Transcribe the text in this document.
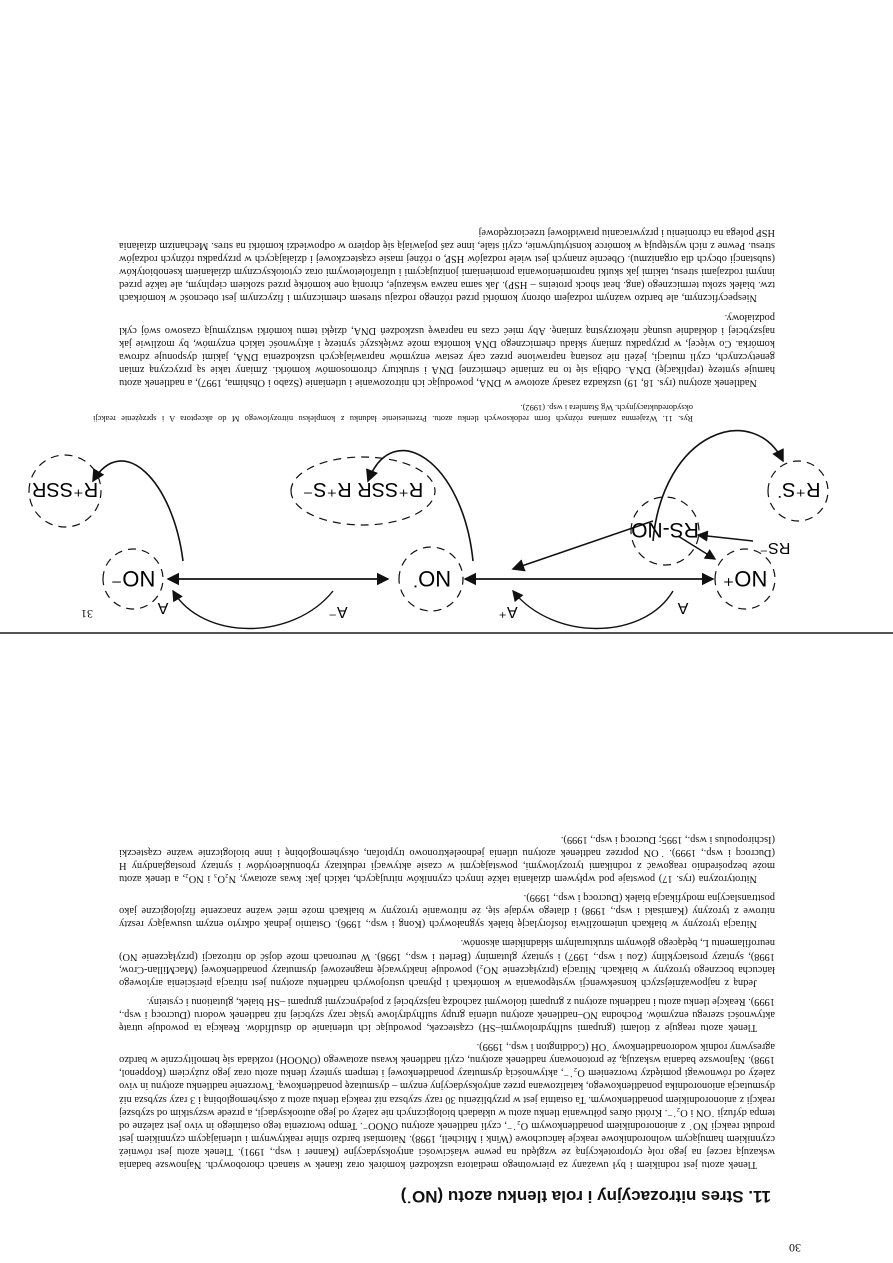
30
11. Stres nitrozacyjny i rola tlenku azotu (NO˙)

Tlenek azotu jest rodnikiem i był uważany za pierwotnego mediatora uszkodzeń komórek oraz tkanek w stanach chorobowych. Najnowsze badania wskazują raczej na jego rolę cytoprotekcyjną ze względu na pewne właściwości antyoksydacyjne (Kanner i wsp., 1991). Tlenek azotu jest również czynnikiem hamującym wolnorodnikowe reakcje łańcuchowe (Wink i Mitchell, 1998). Natomiast bardzo silnie reaktywnym i utleniającym czynnikiem jest produkt reakcji NO˙ z anionorodnikiem ponadtlenkowym O₂˙⁻, czyli nadtlenek azotynu ONOO⁻. Tempo tworzenia tego ostatniego in vivo jest zależne od tempa dyfuzji ˙ON i O₂˙⁻. Krótki okres półtrwania tlenku azotu w układach biologicznych nie zależy od jego autooksydacji, a przede wszystkim od szybszej reakcji z anionorodnikiem ponadtlenkowym. Ta ostatnia jest w przybliżeniu 30 razy szybsza niż reakcja tlenku azotu z oksyhemoglobiną i 3 razy szybsza niż dysmutacja anionorodnika ponadtlenkowego, katalizowana przez antyoksydacyjny enzym – dysmutazę ponadtlenkową. Tworzenie nadtlenku azotynu in vivo zależy od równowagi pomiędzy tworzeniem O₂˙⁻, aktywnością dysmutazy ponadtlenkowej i tempem syntezy tlenku azotu oraz jego zużyciem (Koppenol, 1998). Najnowsze badania wskazują, że protonowany nadtlenek azotynu, czyli nadtlenek kwasu azotawego (ONOOH) rozkłada się hemolitycznie w bardzo agresywny rodnik wodoronadtlenkowy ˙OH (Coddington i wsp., 1999).

Tlenek azotu reaguje z tiolami (grupami sulfhydrolowymi–SH) cząsteczek, powodując ich utlenianie do disulfidów. Reakcja ta powoduje utratę aktywności szeregu enzymów. Pochodna NO–nadtlenek azotynu utlenia grupy sulfhydrylowe tysiąc razy szybciej niż nadtlenek wodoru (Ducrocq i wsp., 1999). Reakcje tlenku azotu i nadtlenku azotynu z grupami tiolowymi zachodzą najszybciej z pojedynczymi grupami –SH białek, glutationu i cysteiny.

Jedną z najpoważniejszych konsekwencji występowania w komórkach i płynach ustrojowych nadtlenku azotynu jest nitracja pierścienia arylowego łańcucha bocznego tyrozyny w białkach. Nitracja (przyłączenie NO₂) powoduje inaktywację magnezowej dysmutazy ponadtlenkowej (MacMillan-Crow, 1998), syntazy prostacykliny (Zou i wsp., 1997) i syntazy glutaminy (Berlett i wsp., 1998). W neuronach może dojść do nitrozacji (przyłączenie NO) neurofilamentu L, będącego głównym strukturalnym składnikiem aksonów.

Nitracja tyrozyny w białkach uniemożliwia fosforylację białek sygnałowych (Kong i wsp., 1996). Ostatnio jednak odkryto enzym usuwający reszty nitrowe z tyrozyny (Kamisaki i wsp., 1998) i dlatego wydaje się, że nitrowanie tyrozyny w białkach może mieć ważne znaczenie fizjologiczne jako posttranslacyjna modyfikacja białek (Ducrocq i wsp., 1999).

Nitrotyrozyna (rys. 17) powstaje pod wpływem działania także innych czynników nitrujących, takich jak: kwas azotawy, N₂O₃ i NO₂, a tlenek azotu może bezpośrednio reagować z rodnikami tyrozylowymi, powstającymi w czasie aktywacji reduktazy rybonukleotydów i syntazy prostaglandyny H (Ducrocq i wsp., 1999). ˙ON poprzez nadtlenek azotynu utlenia jednoelektronowo tryptofan, oksyhemoglobinę i inne biologicznie ważne cząsteczki (Ischiropoulus i wsp., 1995; Ducrocq i wsp., 1999).

31
NO⁺
NO˙
NO⁻
RS-NO
RS⁻
R⁺S˙
R⁺SSR R⁺S⁻
R⁺SSR
A
A⁺
A⁻
A
Rys. 11. Wzajemna zamiana różnych form redoksowych tlenku azotu. Przeniesienie ładunku z kompleksu nitrozylowego M do akceptora A i sprzężenie reakcji oksydoreduktacyjnych. Wg Stamlera i wsp. (1992).

Nadtlenek azotynu (rys. 18, 19) uszkadza zasady azotowe w DNA, powodując ich nitrozowanie i utlenianie (Szabo i Ohshima, 1997), a nadtlenek azotu hamuje syntezę (replikację) DNA. Odbija się to na zmianie chemicznej DNA i struktury chromosomów komórki. Zmiany takie są przyczyną zmian genetycznych, czyli mutacji, jeżeli nie zostaną naprawione przez cały zestaw enzymów naprawiających uszkodzenia DNA, jakimi dysponuje zdrowa komórka. Co więcej, w przypadku zmiany składu chemicznego DNA komórka może zwiększyć syntezę i aktywność takich enzymów, by możliwie jak najszybciej i dokładnie usunąć niekorzystną zmianę. Aby mieć czas na naprawę uszkodzeń DNA, dzięki temu komórki wstrzymują czasowo swój cykl podziałowy.

Niespecyficznym, ale bardzo ważnym rodzajem obrony komórki przed różnego rodzaju stresem chemicznym i fizycznym jest obecność w komórkach tzw. białek szoku termicznego (ang. heat shock proteins – HSP). Jak sama nazwa wskazuje, chronią one komórkę przed szokiem cieplnym, ale także przed innymi rodzajami stresu, takimi jak skutki napromieniowania promieniami jonizującymi i ultrafioletowymi oraz cytotoksycznym działaniem ksenobiotyków (substancji obcych dla organizmu). Obecnie znanych jest wiele rodzajów HSP, o różnej masie cząsteczkowej i działających w przypadku różnych rodzajów stresu. Pewne z nich występują w komórce konstytutywnie, czyli stale, inne zaś pojawiają się dopiero w odpowiedzi komórki na stres. Mechanizm działania HSP polega na chronieniu i przywracaniu prawidłowej trzeciorzędowej
